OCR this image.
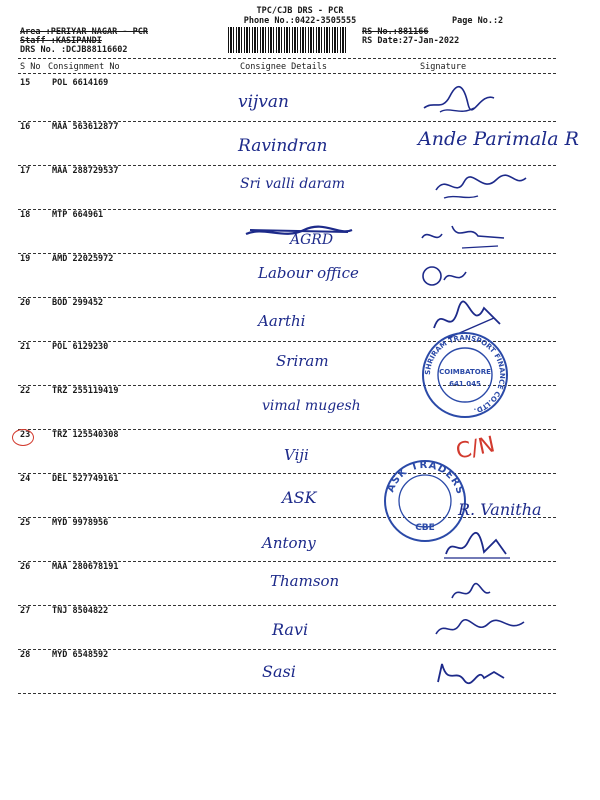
TPC/CJB DRS - PCR
Phone No.:0422-3505555	Page No.:2
Area :PERIYAR NAGAR - PCR
Staff :KASIPANDI
DRS No. :DCJB88116602
RS No.:881166
RS Date:27-Jan-2022
S No Consignment No	Consignee Details	Signature
15	POL 6614169
vijvan
16	MAA 563612877
Ravindran
17	MAA 288729537
Sri valli daram
18	MTP 664961
AGRD
19	AMD 22025972
Labour office
20	BOD 299452
Aarthi
21	POL 6129230
Sriram
22	TRZ 255119419
vimal mugesh
23	TRZ 125540308
Viji
24	DEL 527749161
ASK
25	MYD 9978956
Antony
26	MAA 280678191
Thamson
27	TNJ 8504822
Ravi
28	MYD 6548592
Sasi
Ande Parimala R
SHRIRAM TRANSPORT FINANCE CO.LTD.
COIMBATORE
641 045
C/N
ASK TRADERS
CBE
R. Vanitha
